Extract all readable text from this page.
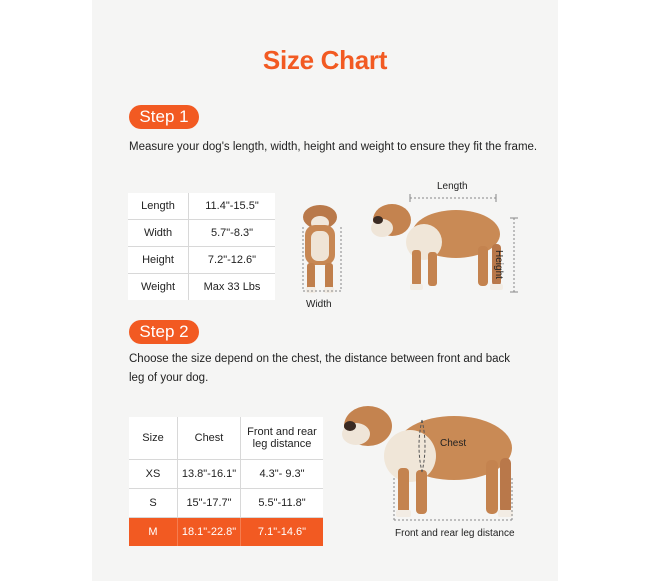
Size Chart
Step 1
Measure your dog's length, width, height and weight to ensure they fit the frame.
Length	11.4"-15.5"
Width	5.7"-8.3"
Height	7.2"-12.6"
Weight	Max 33 Lbs
Width
Length
Height
Step 2
Choose the size depend on the chest, the distance between front and back
leg of your dog.
Size	Chest	Front and rear
leg distance

XS	13.8"-16.1"	4.3"- 9.3"
S	15"-17.7"	5.5"-11.8"
M	18.1"-22.8"	7.1"-14.6"
Chest
Front and rear leg distance
